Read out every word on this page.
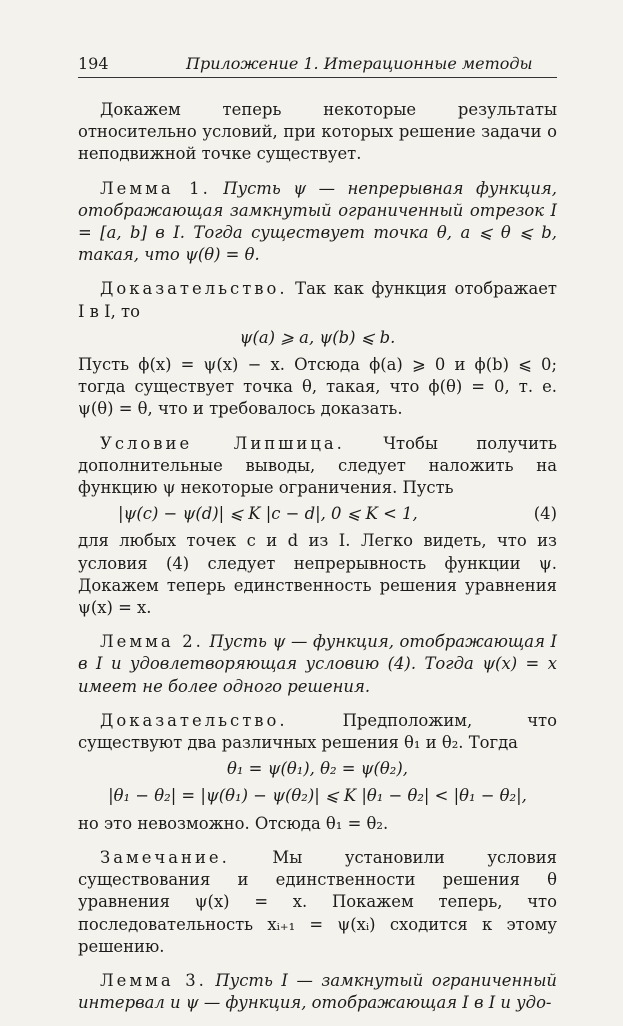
194	Приложение 1. Итерационные методы

Докажем теперь некоторые результаты относительно условий, при которых решение задачи о неподвижной точке существует.

Лемма 1. Пусть ψ — непрерывная функция, отображающая замкнутый ограниченный отрезок I = [a, b] в I. Тогда существует точка θ, a ⩽ θ ⩽ b, такая, что ψ(θ) = θ.

Доказательство. Так как функция отображает I в I, то

ψ(a) ⩾ a, ψ(b) ⩽ b.

Пусть ϕ(x) = ψ(x) − x. Отсюда ϕ(a) ⩾ 0 и ϕ(b) ⩽ 0; тогда существует точка θ, такая, что ϕ(θ) = 0, т. е. ψ(θ) = θ, что и требовалось доказать.

Условие Липшица. Чтобы получить дополнительные выводы, следует наложить на функцию ψ некоторые ограничения. Пусть

|ψ(c) − ψ(d)| ⩽ K |c − d|, 0 ⩽ K < 1,	(4)

для любых точек c и d из I. Легко видеть, что из условия (4) следует непрерывность функции ψ. Докажем теперь единственность решения уравнения ψ(x) = x.

Лемма 2. Пусть ψ — функция, отображающая I в I и удовлетворяющая условию (4). Тогда ψ(x) = x имеет не более одного решения.

Доказательство.	Предположим, что существуют два различных решения θ₁ и θ₂. Тогда

θ₁ = ψ(θ₁), θ₂ = ψ(θ₂),
|θ₁ − θ₂| = |ψ(θ₁) − ψ(θ₂)| ⩽ K |θ₁ − θ₂| < |θ₁ − θ₂|,

но это невозможно. Отсюда θ₁ = θ₂.

Замечание.	Мы установили условия существования и единственности решения θ уравнения ψ(x) = x. Покажем теперь, что последовательность xᵢ₊₁ = ψ(xᵢ) сходится к этому решению.

Лемма 3. Пусть I — замкнутый ограниченный интервал и ψ — функция, отображающая I в I и удо-
